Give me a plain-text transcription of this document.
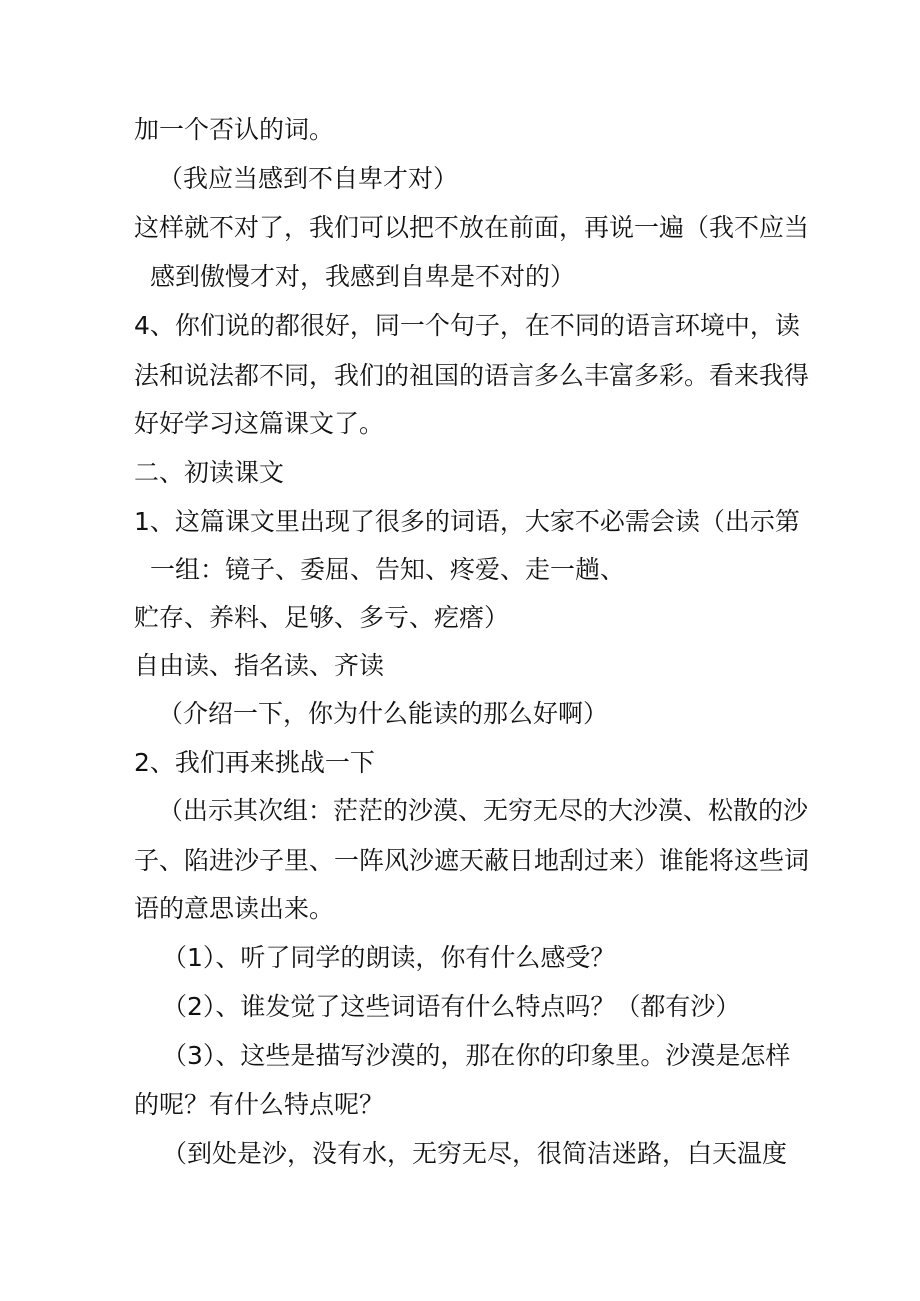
加一个否认的词。
（我应当感到不自卑才对）
这样就不对了，我们可以把不放在前面，再说一遍（我不应当
感到傲慢才对，我感到自卑是不对的）
4、你们说的都很好，同一个句子，在不同的语言环境中，读
法和说法都不同，我们的祖国的语言多么丰富多彩。看来我得
好好学习这篇课文了。
二、初读课文
1、这篇课文里出现了很多的词语，大家不必需会读（出示第
一组：镜子、委屈、告知、疼爱、走一趟、
贮存、养料、足够、多亏、疙瘩）
自由读、指名读、齐读
（介绍一下，你为什么能读的那么好啊）
2、我们再来挑战一下
（出示其次组：茫茫的沙漠、无穷无尽的大沙漠、松散的沙
子、陷进沙子里、一阵风沙遮天蔽日地刮过来）谁能将这些词
语的意思读出来。
（1）、听了同学的朗读，你有什么感受？
（2）、谁发觉了这些词语有什么特点吗？（都有沙）
（3）、这些是描写沙漠的，那在你的印象里。沙漠是怎样
的呢？有什么特点呢？
（到处是沙，没有水，无穷无尽，很简洁迷路，白天温度
